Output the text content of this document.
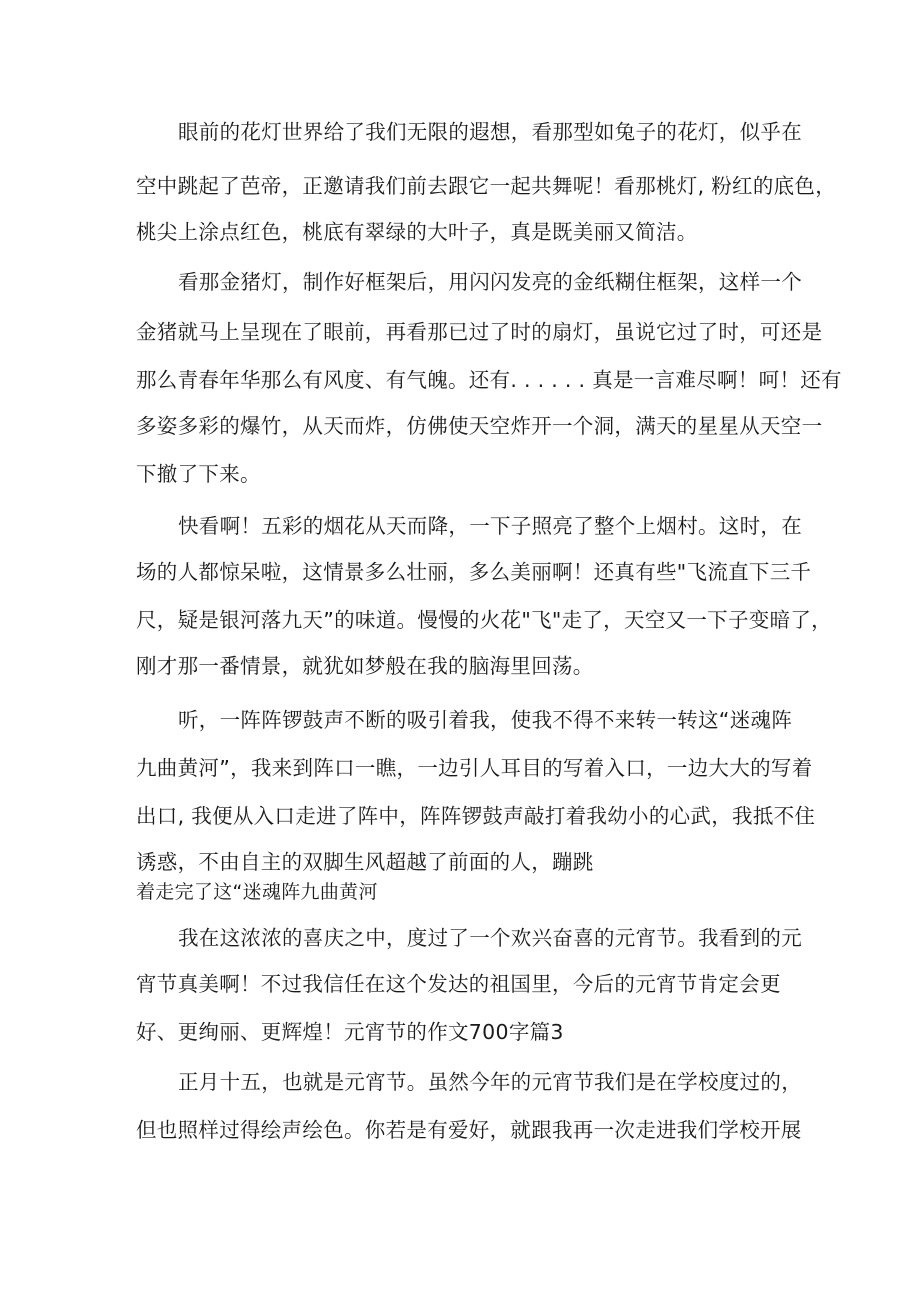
眼前的花灯世界给了我们无限的遐想，看那型如兔子的花灯，似乎在
空中跳起了芭帝，正邀请我们前去跟它一起共舞呢！看那桃灯, 粉红的底色，
桃尖上涂点红色，桃底有翠绿的大叶子，真是既美丽又简洁。
看那金猪灯，制作好框架后，用闪闪发亮的金纸糊住框架，这样一个
金猪就马上呈现在了眼前，再看那已过了时的扇灯，虽说它过了时，可还是
那么青春年华那么有风度、有气魄。还有. . . . . . 真是一言难尽啊！呵！还有
多姿多彩的爆竹，从天而炸，仿佛使天空炸开一个洞，满天的星星从天空一
下撤了下来。
快看啊！五彩的烟花从天而降，一下子照亮了整个上烟村。这时，在
场的人都惊呆啦，这情景多么壮丽，多么美丽啊！还真有些"飞流直下三千
尺，疑是银河落九天”的味道。慢慢的火花"飞"走了，天空又一下子变暗了，
刚才那一番情景，就犹如梦般在我的脑海里回荡。
听，一阵阵锣鼓声不断的吸引着我，使我不得不来转一转这“迷魂阵
九曲黄河”，我来到阵口一瞧，一边引人耳目的写着入口，一边大大的写着
出口, 我便从入口走进了阵中，阵阵锣鼓声敲打着我幼小的心武，我抵不住
诱惑，不由自主的双脚生风超越了前面的人，蹦跳
着走完了这“迷魂阵九曲黄河
我在这浓浓的喜庆之中，度过了一个欢兴奋喜的元宵节。我看到的元
宵节真美啊！不过我信任在这个发达的祖国里，今后的元宵节肯定会更
好、更绚丽、更辉煌！元宵节的作文700字篇3
正月十五，也就是元宵节。虽然今年的元宵节我们是在学校度过的，
但也照样过得绘声绘色。你若是有爱好，就跟我再一次走进我们学校开展
